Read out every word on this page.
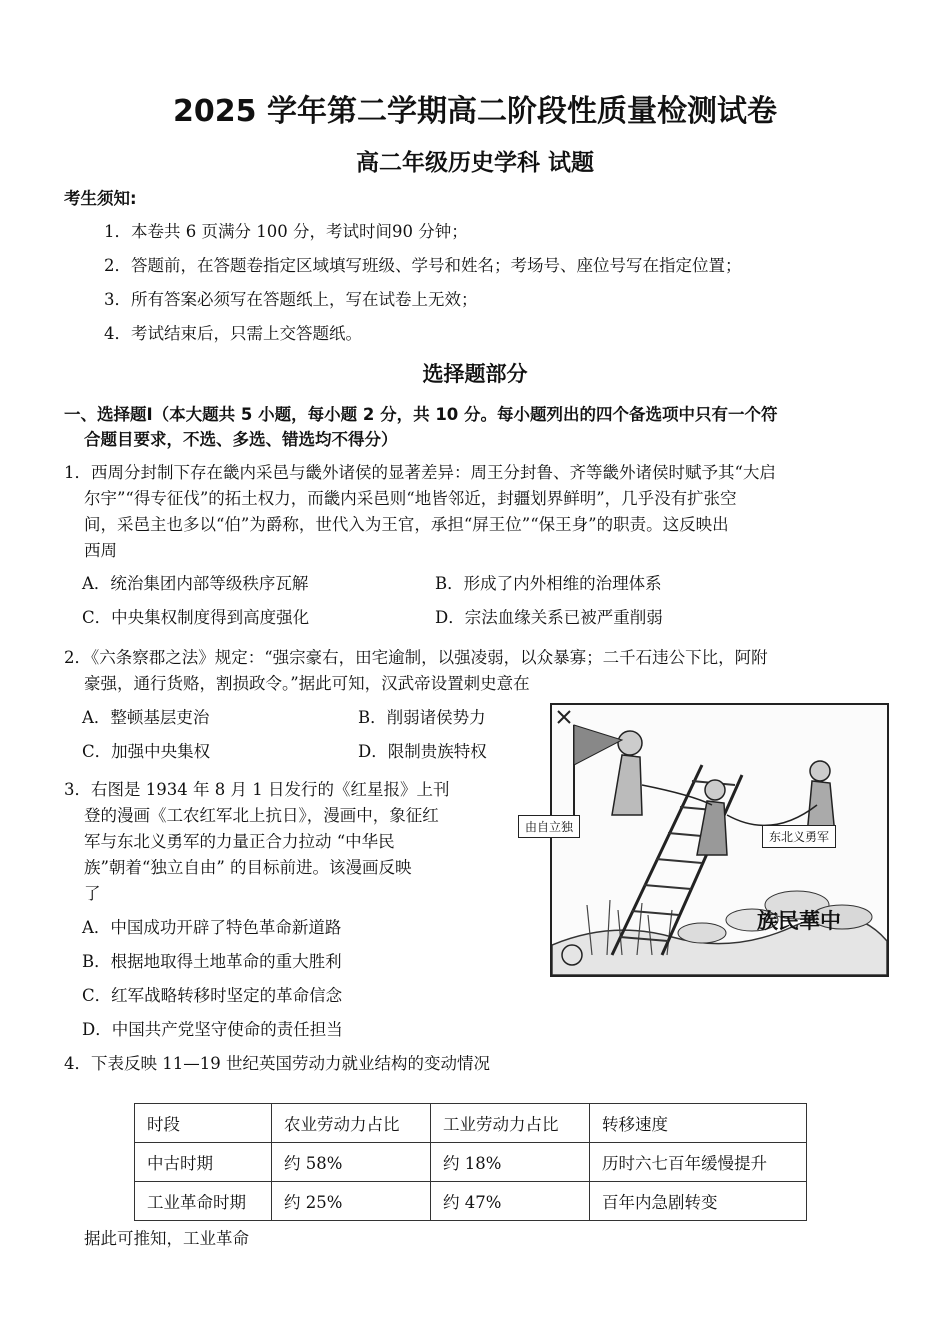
2025 学年第二学期高二阶段性质量检测试卷
高二年级历史学科 试题
考生须知:
1．本卷共 6 页满分 100 分，考试时间90 分钟；
2．答题前，在答题卷指定区域填写班级、学号和姓名；考场号、座位号写在指定位置；
3．所有答案必须写在答题纸上，写在试卷上无效；
4．考试结束后，只需上交答题纸。
选择题部分
一、选择题Ⅰ（本大题共 5 小题，每小题 2 分，共 10 分。每小题列出的四个备选项中只有一个符
合题目要求，不选、多选、错选均不得分）
1．西周分封制下存在畿内采邑与畿外诸侯的显著差异：周王分封鲁、齐等畿外诸侯时赋予其“大启
尔宇”“得专征伐”的拓土权力，而畿内采邑则“地皆邻近，封疆划界鲜明”，几乎没有扩张空
间，采邑主也多以“伯”为爵称，世代入为王官，承担“屏王位”“保王身”的职责。这反映出
西周
A．统治集团内部等级秩序瓦解	B．形成了内外相维的治理体系
C．中央集权制度得到高度强化	D．宗法血缘关系已被严重削弱
2．《六条察郡之法》规定：“强宗豪右，田宅逾制，以强凌弱，以众暴寡；二千石违公下比，阿附
豪强，通行货赂，割损政令。”据此可知，汉武帝设置刺史意在
A．整顿基层吏治	B．削弱诸侯势力
C．加强中央集权	D．限制贵族特权
3．右图是 1934 年 8 月 1 日发行的《红星报》上刊
登的漫画《工农红军北上抗日》，漫画中，象征红
军与东北义勇军的力量正合力拉动 “中华民
族”朝着“独立自由” 的目标前进。该漫画反映
了
A．中国成功开辟了特色革命新道路
B．根据地取得土地革命的重大胜利
C．红军战略转移时坚定的革命信念
D．中国共产党坚守使命的责任担当
由自立独
东北义勇军
族民華中
4．下表反映 11—19 世纪英国劳动力就业结构的变动情况
时段	农业劳动力占比	工业劳动力占比	转移速度
中古时期	约 58%	约 18%	历时六七百年缓慢提升
工业革命时期	约 25%	约 47%	百年内急剧转变
据此可推知，工业革命
